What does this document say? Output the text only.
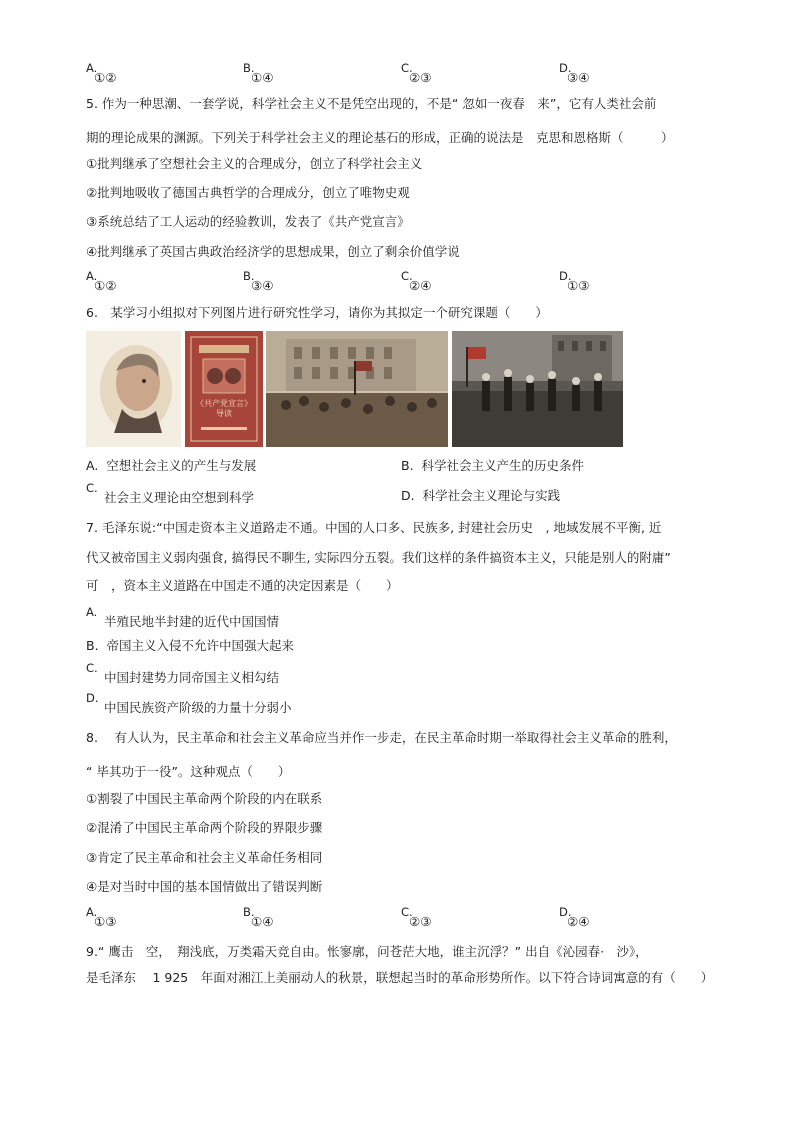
A.
①②
B.
①④
C.
②③
D.
③④
5. 作为一种思潮、一套学说，科学社会主义不是凭空出现的，不是“ 忽如一夜春　来”，它有人类社会前
期的理论成果的渊源。下列关于科学社会主义的理论基石的形成，正确的说法是　克思和恩格斯（　　　）
①批判继承了空想社会主义的合理成分，创立了科学社会主义
②批判地吸收了德国古典哲学的合理成分，创立了唯物史观
③系统总结了工人运动的经验教训，发表了《共产党宣言》
④批判继承了英国古典政治经济学的思想成果，创立了剩余价值学说
A.
①②
B.
③④
C.
②④
D.
①③
6.　某学习小组拟对下列图片进行研究性学习，请你为其拟定一个研究课题（　　）
《共产党宣言》
导读
A. 空想社会主义的产生与发展	B. 科学社会主义产生的历史条件
C.
社会主义理论由空想到科学	D. 科学社会主义理论与实践
7. 毛泽东说:“中国走资本主义道路走不通。中国的人口多、民族多, 封建社会历史　, 地域发展不平衡, 近
代又被帝国主义弱肉强食, 搞得民不聊生, 实际四分五裂。我们这样的条件搞资本主义，只能是别人的附庸”
可　，资本主义道路在中国走不通的决定因素是（　　）
A.
半殖民地半封建的近代中国国情
B. 帝国主义入侵不允许中国强大起来
C.
中国封建势力同帝国主义相勾结
D.
中国民族资产阶级的力量十分弱小
8.　 有人认为，民主革命和社会主义革命应当并作一步走，在民主革命时期一举取得社会主义革命的胜利，
“ 毕其功于一役”。这种观点（　　）
①割裂了中国民主革命两个阶段的内在联系
②混淆了中国民主革命两个阶段的界限步骤
③肯定了民主革命和社会主义革命任务相同
④是对当时中国的基本国情做出了错误判断
A.
①③
B.
①④
C.
②③
D.
②④
9.“ 鹰击　空，　翔浅底，万类霜天竞自由。怅寥廓，问苍茫大地，谁主沉浮？” 出自《沁园春·　沙》，
是毛泽东　 1 925　年面对湘江上美丽动人的秋景，联想起当时的革命形势所作。以下符合诗词寓意的有（　　）
